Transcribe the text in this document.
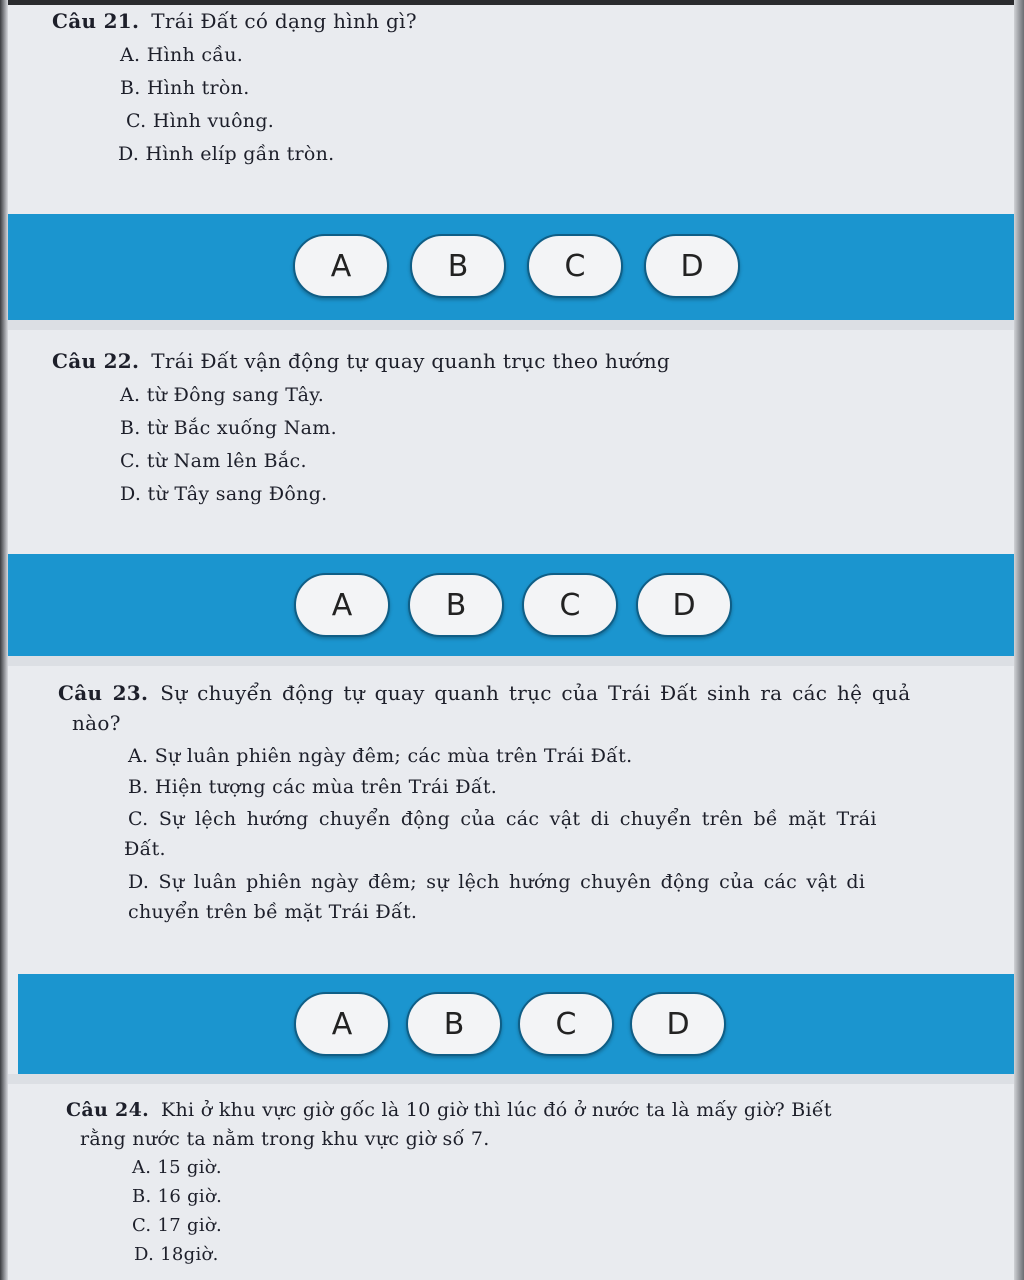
Câu 21. Trái Đất có dạng hình gì?
A. Hình cầu.
B. Hình tròn.
C. Hình vuông.
D. Hình elíp gần tròn.
A	B	C	D
Câu 22. Trái Đất vận động tự quay quanh trục theo hướng
A. từ Đông sang Tây.
B. từ Bắc xuống Nam.
C. từ Nam lên Bắc.
D. từ Tây sang Đông.
A	B	C	D
Câu 23. Sự chuyển động tự quay quanh trục của Trái Đất sinh ra các hệ quả
nào?
A. Sự luân phiên ngày đêm; các mùa trên Trái Đất.
B. Hiện tượng các mùa trên Trái Đất.
C. Sự lệch hướng chuyển động của các vật di chuyển trên bề mặt Trái
Đất.
D. Sự luân phiên ngày đêm; sự lệch hướng chuyên động của các vật di
chuyển trên bề mặt Trái Đất.
A	B	C	D
Câu 24. Khi ở khu vực giờ gốc là 10 giờ thì lúc đó ở nước ta là mấy giờ? Biết
rằng nước ta nằm trong khu vực giờ số 7.
A. 15 giờ.
B. 16 giờ.
C. 17 giờ.
D. 18giờ.
